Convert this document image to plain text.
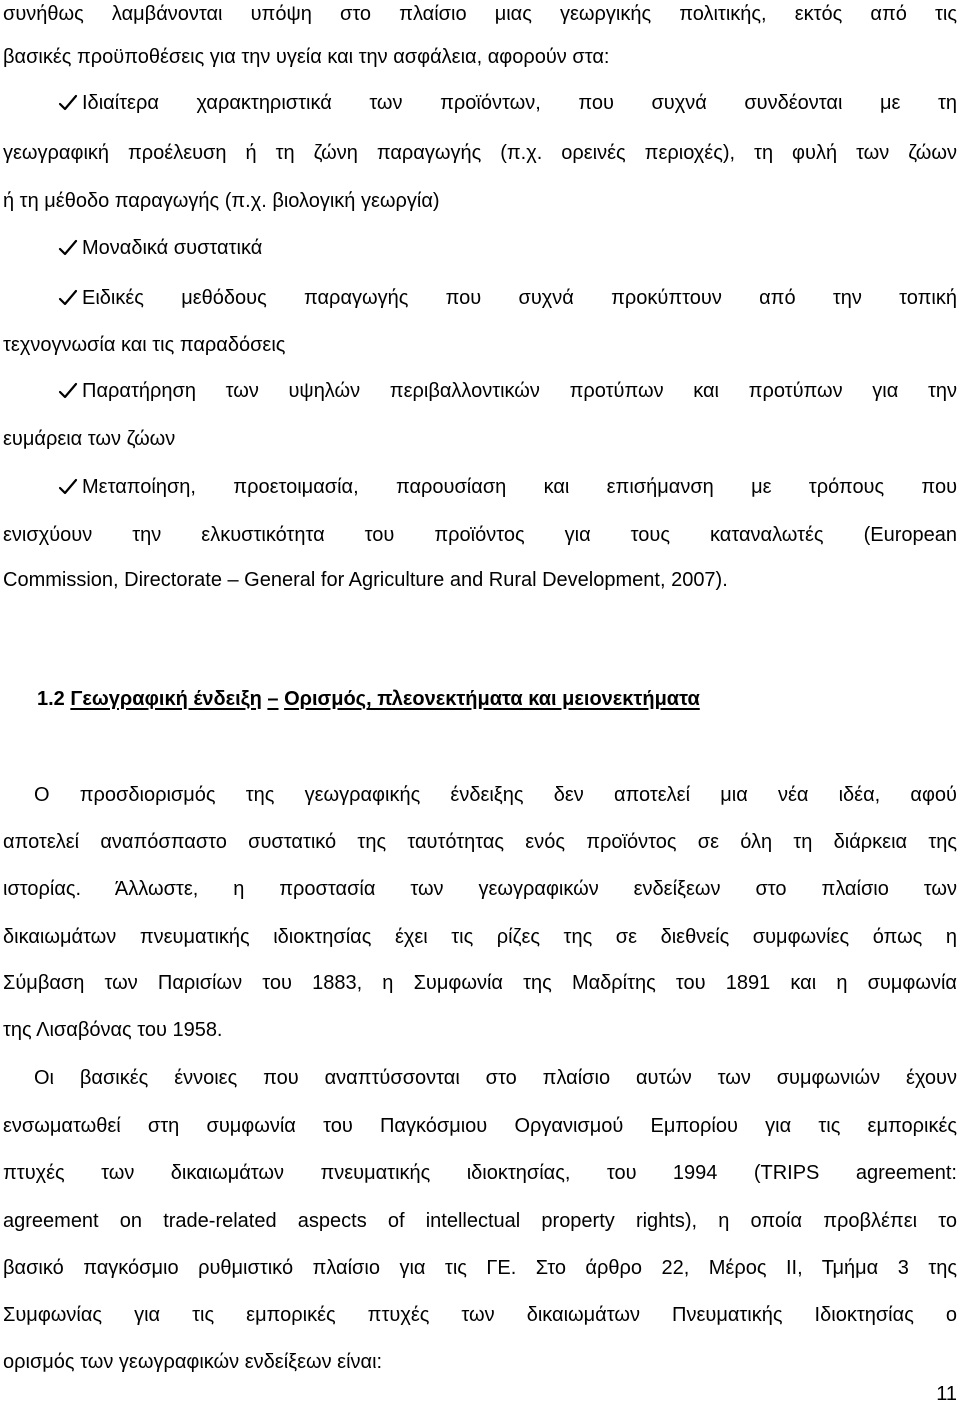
συνήθως λαμβάνονται υπόψη στο πλαίσιο μιας γεωργικής πολιτικής, εκτός από τις
βασικές προϋποθέσεις για την υγεία και την ασφάλεια, αφορούν στα:
Ιδιαίτερα χαρακτηριστικά των προϊόντων, που συχνά συνδέονται με τη
γεωγραφική προέλευση ή τη ζώνη παραγωγής (π.χ. ορεινές περιοχές), τη φυλή των ζώων
ή τη μέθοδο παραγωγής (π.χ. βιολογική γεωργία)
Μοναδικά συστατικά
Ειδικές μεθόδους παραγωγής που συχνά προκύπτουν από την τοπική
τεχνογνωσία και τις παραδόσεις
Παρατήρηση των υψηλών περιβαλλοντικών προτύπων και προτύπων για την
ευμάρεια των ζώων
Μεταποίηση, προετοιμασία, παρουσίαση και επισήμανση με τρόπους που
ενισχύουν την ελκυστικότητα του προϊόντος για τους καταναλωτές (European
Commission, Directorate – General for Agriculture and Rural Development, 2007).
1.2 Γεωγραφική ένδειξη – Ορισμός, πλεονεκτήματα και μειονεκτήματα
Ο προσδιορισμός της γεωγραφικής ένδειξης δεν αποτελεί μια νέα ιδέα, αφού
αποτελεί αναπόσπαστο συστατικό της ταυτότητας ενός προϊόντος σε όλη τη διάρκεια της
ιστορίας. Άλλωστε, η προστασία των γεωγραφικών ενδείξεων στο πλαίσιο των
δικαιωμάτων πνευματικής ιδιοκτησίας έχει τις ρίζες της σε διεθνείς συμφωνίες όπως η
Σύμβαση των Παρισίων του 1883, η Συμφωνία της Μαδρίτης του 1891 και η συμφωνία
της Λισαβόνας του 1958.
Οι βασικές έννοιες που αναπτύσσονται στο πλαίσιο αυτών των συμφωνιών έχουν
ενσωματωθεί στη συμφωνία του Παγκόσμιου Οργανισμού Εμπορίου για τις εμπορικές
πτυχές των δικαιωμάτων πνευματικής ιδιοκτησίας, του 1994 (TRIPS agreement:
agreement on trade-related aspects of intellectual property rights), η οποία προβλέπει το
βασικό παγκόσμιο ρυθμιστικό πλαίσιο για τις ΓΕ. Στο άρθρο 22, Μέρος ΙΙ, Τμήμα 3 της
Συμφωνίας για τις εμπορικές πτυχές των δικαιωμάτων Πνευματικής Ιδιοκτησίας ο
ορισμός των γεωγραφικών ενδείξεων είναι:
11
